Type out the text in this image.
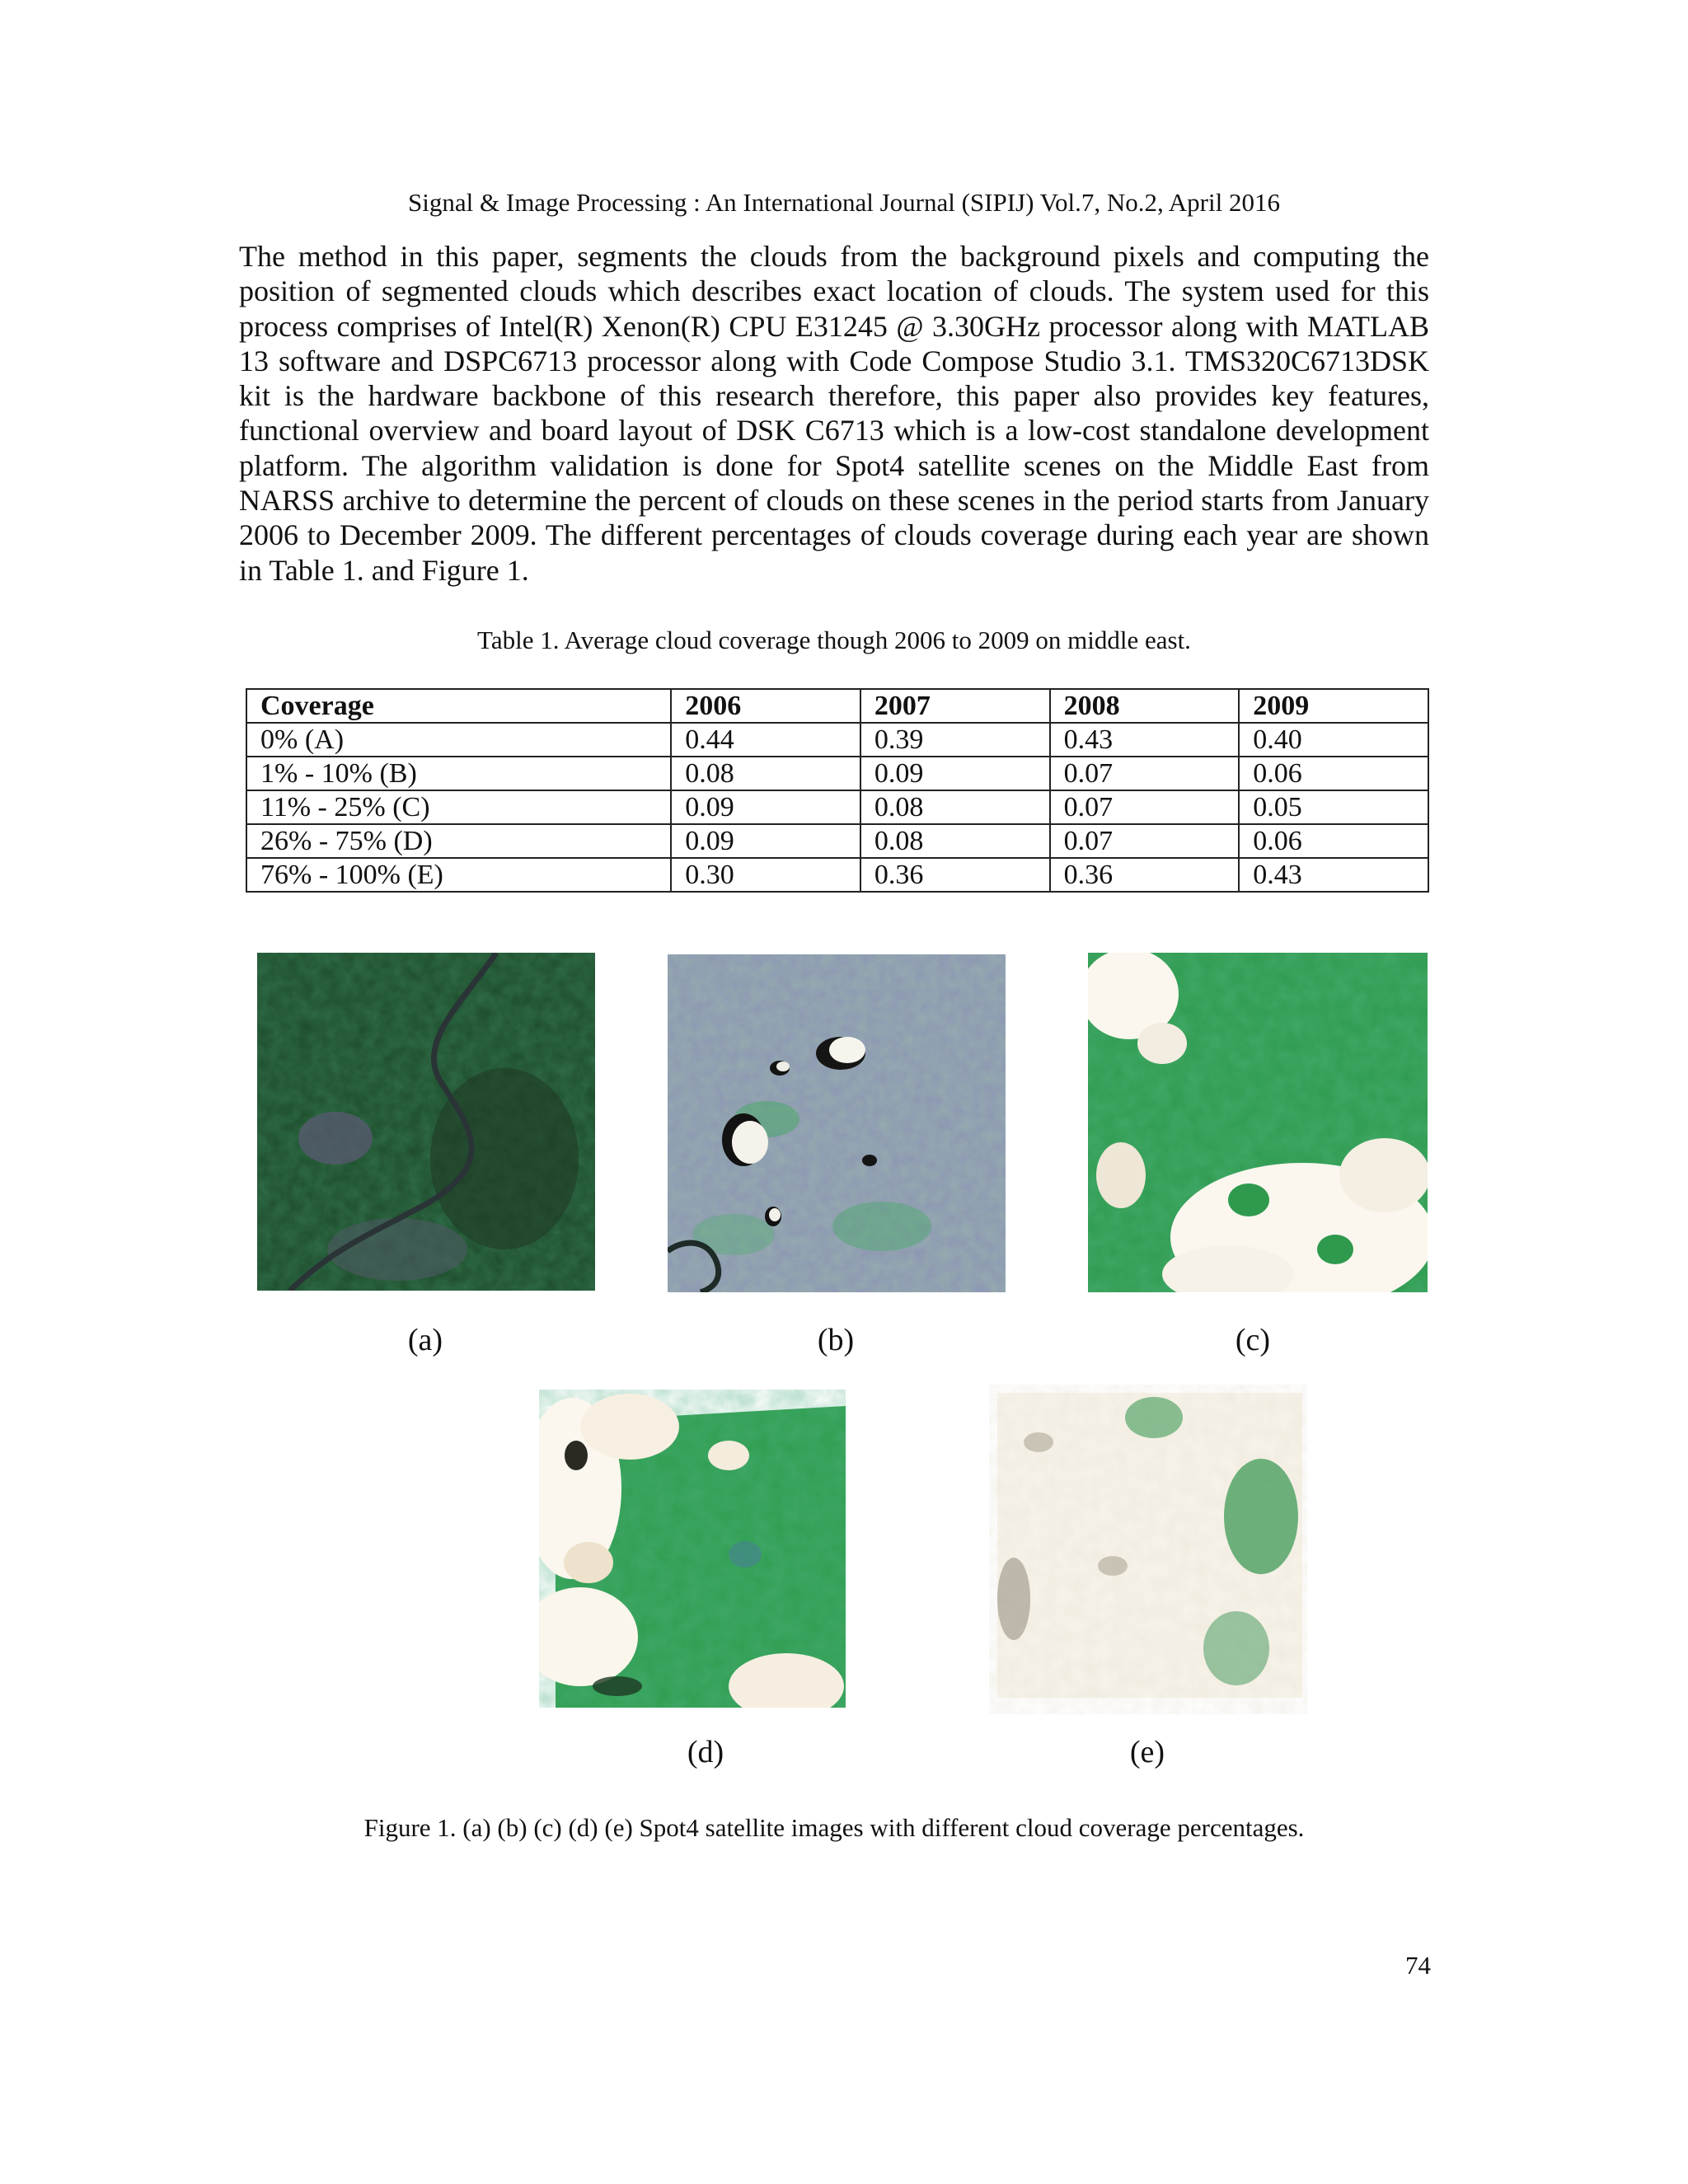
Signal & Image Processing : An International Journal (SIPIJ) Vol.7, No.2, April 2016

The method in this paper, segments the clouds from the background pixels and computing the position of segmented clouds which describes exact location of clouds. The system used for this process comprises of Intel(R) Xenon(R) CPU E31245 @ 3.30GHz processor along with MATLAB 13 software and DSPC6713 processor along with Code Compose Studio 3.1. TMS320C6713DSK kit is the hardware backbone of this research therefore, this paper also provides key features, functional overview and board layout of DSK C6713 which is a low-cost standalone development platform. The algorithm validation is done for Spot4 satellite scenes on the Middle East from NARSS archive to determine the percent of clouds on these scenes in the period starts from January 2006 to December 2009. The different percentages of clouds coverage during each year are shown in Table 1. and Figure 1.

Table 1. Average cloud coverage though 2006 to 2009 on middle east.
Coverage	2006	2007	2008	2009
0% (A)	0.44	0.39	0.43	0.40
1% - 10% (B)	0.08	0.09	0.07	0.06
11% - 25% (C)	0.09	0.08	0.07	0.05
26% - 75% (D)	0.09	0.08	0.07	0.06
76% - 100% (E)	0.30	0.36	0.36	0.43
(a)	(b)	(c)
(d)	(e)
Figure 1. (a) (b) (c) (d) (e) Spot4 satellite images with different cloud coverage percentages.
74
